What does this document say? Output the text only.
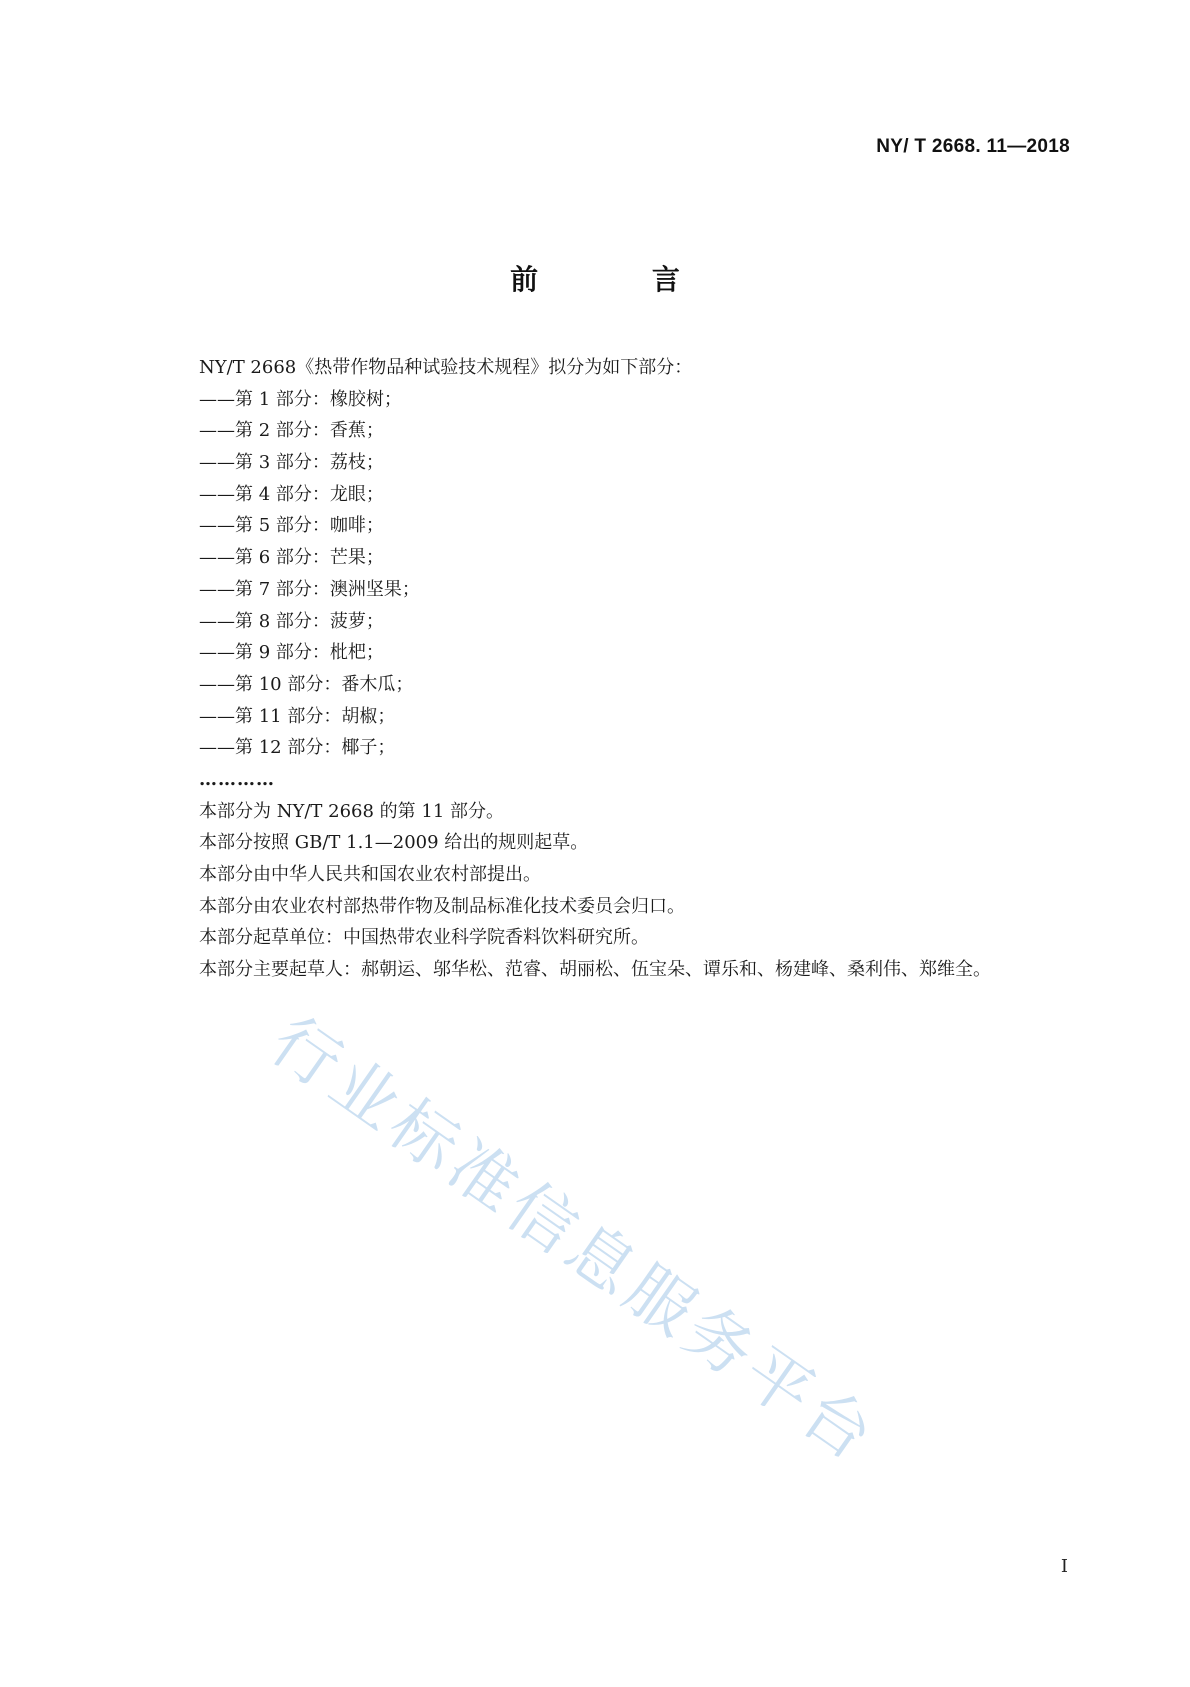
NY/ T 2668. 11—2018
前 言
NY/T 2668《热带作物品种试验技术规程》拟分为如下部分：
——第 1 部分：橡胶树；
——第 2 部分：香蕉；
——第 3 部分：荔枝；
——第 4 部分：龙眼；
——第 5 部分：咖啡；
——第 6 部分：芒果；
——第 7 部分：澳洲坚果；
——第 8 部分：菠萝；
——第 9 部分：枇杷；
——第 10 部分：番木瓜；
——第 11 部分：胡椒；
——第 12 部分：椰子；
…………
本部分为 NY/T 2668 的第 11 部分。
本部分按照 GB/T 1.1—2009 给出的规则起草。
本部分由中华人民共和国农业农村部提出。
本部分由农业农村部热带作物及制品标准化技术委员会归口。
本部分起草单位：中国热带农业科学院香料饮料研究所。
本部分主要起草人：郝朝运、邬华松、范睿、胡丽松、伍宝朵、谭乐和、杨建峰、桑利伟、郑维全。
行业标准信息服务平台
I
